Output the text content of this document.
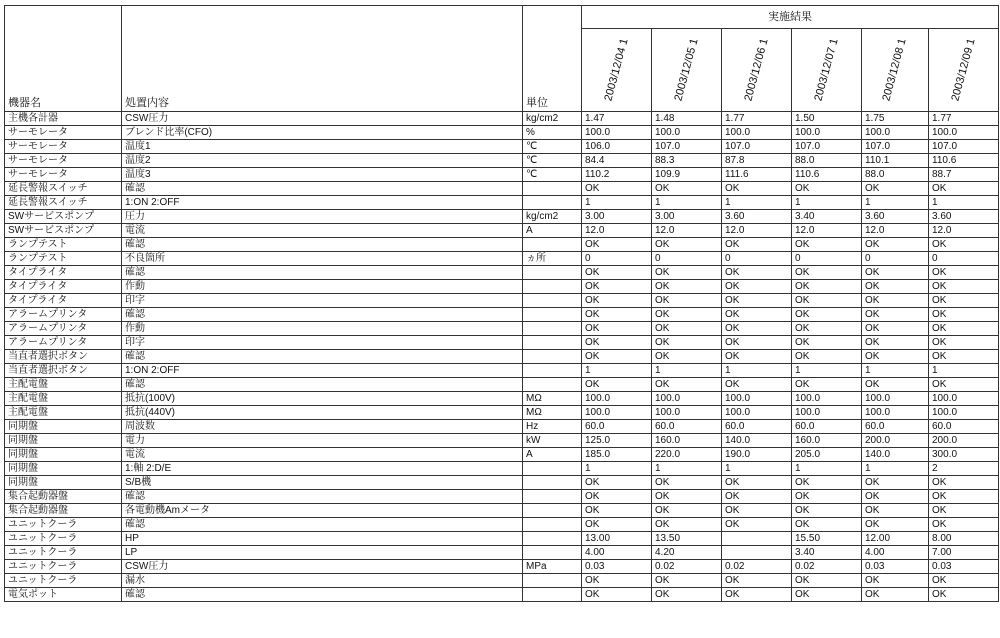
機器名	処置内容	単位	実施結果					

			2003/12/04 1	2003/12/05 1	2003/12/06 1	2003/12/07 1	2003/12/08 1	2003/12/09 1

主機各計器	CSW圧力	kg/cm2	1.47	1.48	1.77	1.50	1.75	1.77
サーモレータ	ブレンド比率(CFO)	%	100.0	100.0	100.0	100.0	100.0	100.0
サーモレータ	温度1	℃	106.0	107.0	107.0	107.0	107.0	107.0
サーモレータ	温度2	℃	84.4	88.3	87.8	88.0	110.1	110.6
サーモレータ	温度3	℃	110.2	109.9	111.6	110.6	88.0	88.7
延長警報スイッチ	確認		OK	OK	OK	OK	OK	OK
延長警報スイッチ	1:ON 2:OFF		1	1	1	1	1	1
SWサービスポンプ	圧力	kg/cm2	3.00	3.00	3.60	3.40	3.60	3.60
SWサービスポンプ	電流	A	12.0	12.0	12.0	12.0	12.0	12.0
ランプテスト	確認		OK	OK	OK	OK	OK	OK
ランプテスト	不良箇所	ヵ所	0	0	0	0	0	0
タイプライタ	確認		OK	OK	OK	OK	OK	OK
タイプライタ	作動		OK	OK	OK	OK	OK	OK
タイプライタ	印字		OK	OK	OK	OK	OK	OK
アラームプリンタ	確認		OK	OK	OK	OK	OK	OK
アラームプリンタ	作動		OK	OK	OK	OK	OK	OK
アラームプリンタ	印字		OK	OK	OK	OK	OK	OK
当直者選択ボタン	確認		OK	OK	OK	OK	OK	OK
当直者選択ボタン	1:ON 2:OFF		1	1	1	1	1	1
主配電盤	確認		OK	OK	OK	OK	OK	OK
主配電盤	抵抗(100V)	MΩ	100.0	100.0	100.0	100.0	100.0	100.0
主配電盤	抵抗(440V)	MΩ	100.0	100.0	100.0	100.0	100.0	100.0
同期盤	周波数	Hz	60.0	60.0	60.0	60.0	60.0	60.0
同期盤	電力	kW	125.0	160.0	140.0	160.0	200.0	200.0
同期盤	電流	A	185.0	220.0	190.0	205.0	140.0	300.0
同期盤	1:軸 2:D/E		1	1	1	1	1	2
同期盤	S/B機		OK	OK	OK	OK	OK	OK
集合起動器盤	確認		OK	OK	OK	OK	OK	OK
集合起動器盤	各電動機Amメータ		OK	OK	OK	OK	OK	OK
ユニットクーラ	確認		OK	OK	OK	OK	OK	OK
ユニットクーラ	HP		13.00	13.50		15.50	12.00	8.00
ユニットクーラ	LP		4.00	4.20		3.40	4.00	7.00
ユニットクーラ	CSW圧力	MPa	0.03	0.02	0.02	0.02	0.03	0.03
ユニットクーラ	漏水		OK	OK	OK	OK	OK	OK
電気ポット	確認		OK	OK	OK	OK	OK	OK
